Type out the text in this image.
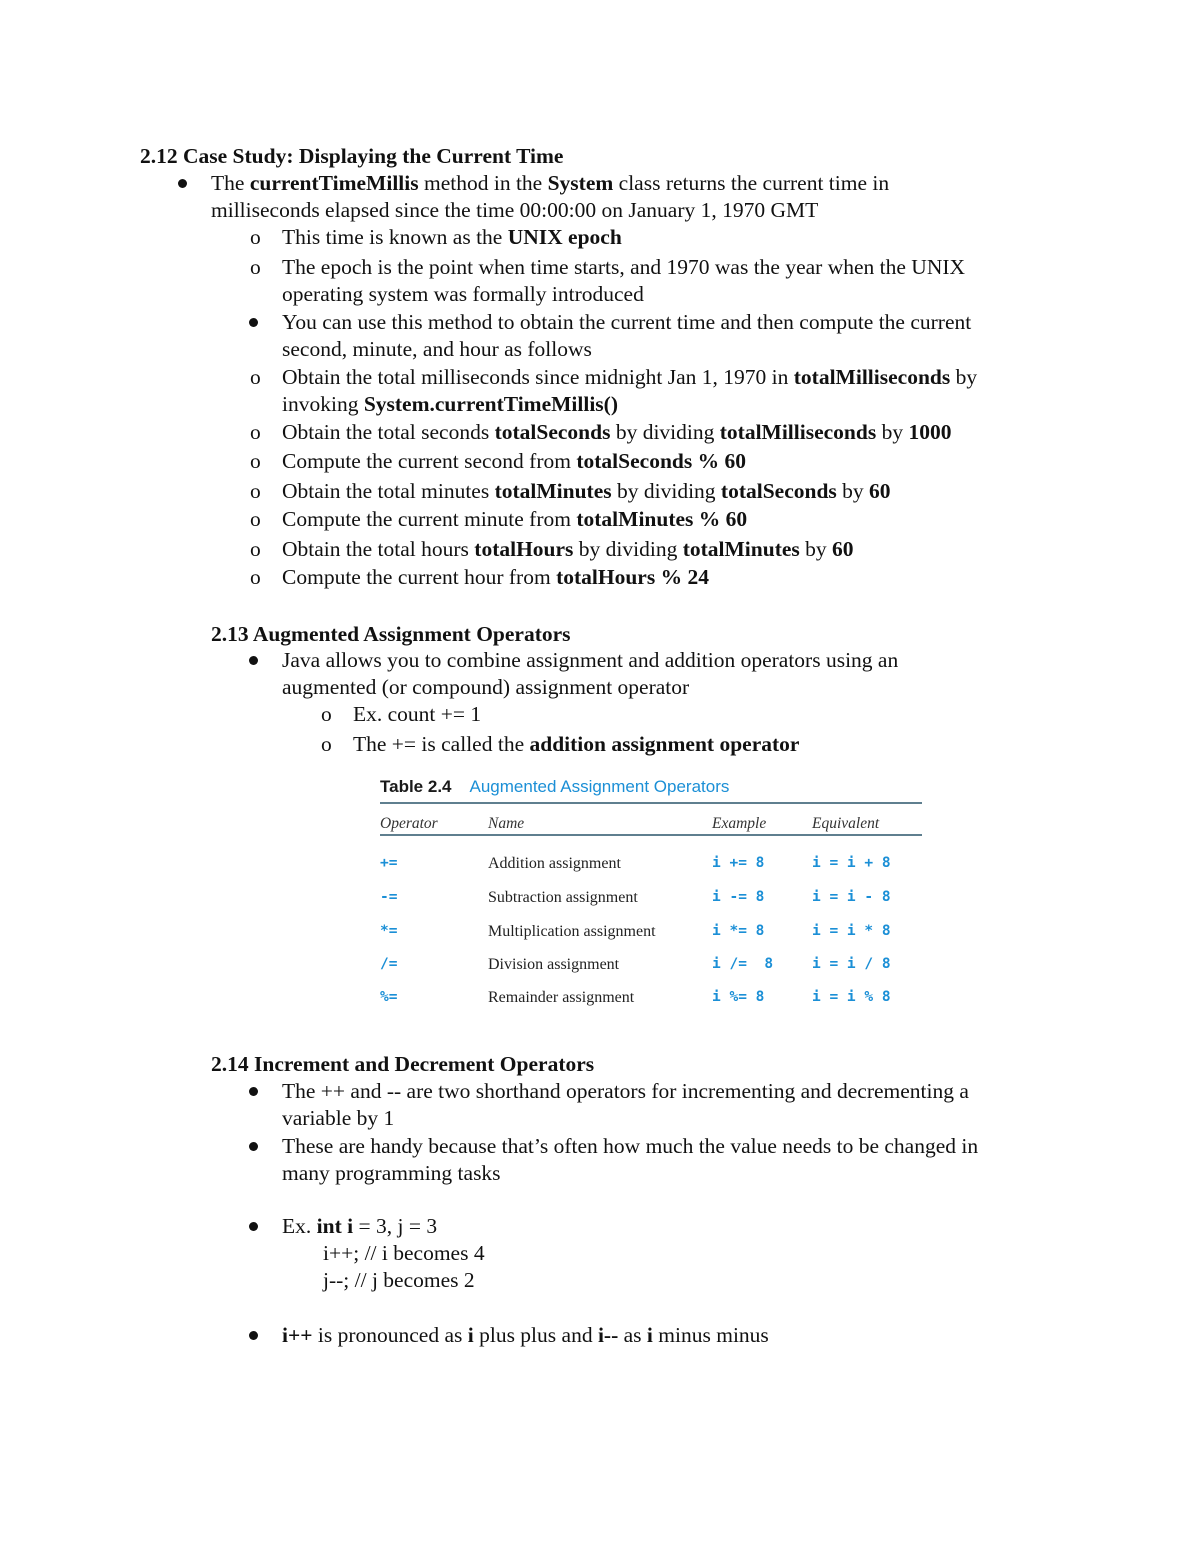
2.12 Case Study: Displaying the Current Time
The currentTimeMillis method in the System class returns the current time in
milliseconds elapsed since the time 00:00:00 on January 1, 1970 GMT
o This time is known as the UNIX epoch
o The epoch is the point when time starts, and 1970 was the year when the UNIX
operating system was formally introduced
You can use this method to obtain the current time and then compute the current
second, minute, and hour as follows
o Obtain the total milliseconds since midnight Jan 1, 1970 in totalMilliseconds by
invoking System.currentTimeMillis()
o Obtain the total seconds totalSeconds by dividing totalMilliseconds by 1000
o Compute the current second from totalSeconds % 60
o Obtain the total minutes totalMinutes by dividing totalSeconds by 60
o Compute the current minute from totalMinutes % 60
o Obtain the total hours totalHours by dividing totalMinutes by 60
o Compute the current hour from totalHours % 24
2.13 Augmented Assignment Operators
Java allows you to combine assignment and addition operators using an
augmented (or compound) assignment operator
o Ex. count += 1
o The += is called the addition assignment operator
Table 2.4 Augmented Assignment Operators
Operator	Name	Example	Equivalent
+=	Addition assignment	i += 8	i = i + 8
-=	Subtraction assignment	i -= 8	i = i - 8
*=	Multiplication assignment	i *= 8	i = i * 8
/=	Division assignment	i /=  8	i = i / 8
%=	Remainder assignment	i %= 8	i = i % 8
2.14 Increment and Decrement Operators
The ++ and -- are two shorthand operators for incrementing and decrementing a
variable by 1
These are handy because that’s often how much the value needs to be changed in
many programming tasks
Ex. int i = 3, j = 3
i++; // i becomes 4
j--; // j becomes 2
i++ is pronounced as i plus plus and i-- as i minus minus
